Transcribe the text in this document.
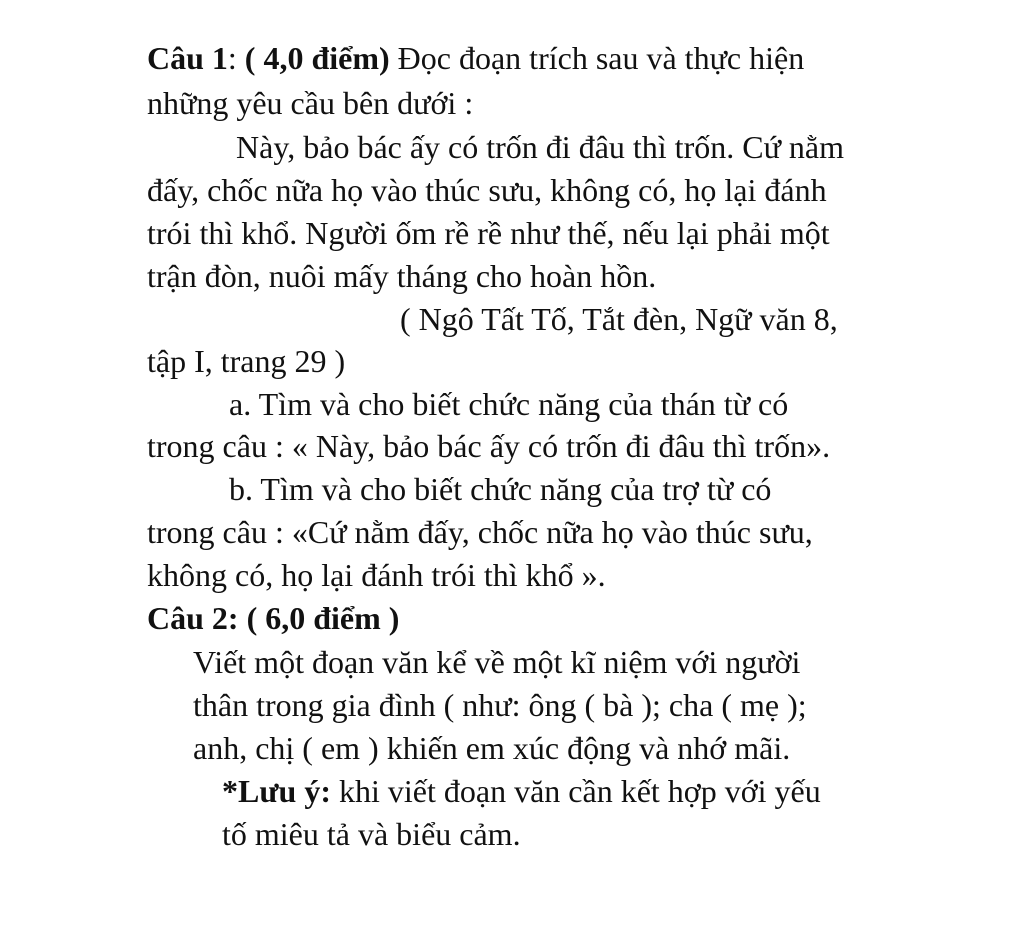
Câu 1: ( 4,0 điểm) Đọc đoạn trích sau và thực hiện
những yêu cầu bên dưới :
Này, bảo bác ấy có trốn đi đâu thì trốn. Cứ nằm
đấy, chốc nữa họ vào thúc sưu, không có, họ lại đánh
trói thì khổ. Người ốm rề rề như thế, nếu lại phải một
trận đòn, nuôi mấy tháng cho hoàn hồn.
( Ngô Tất Tố, Tắt đèn, Ngữ văn 8,
tập I, trang 29 )
a. Tìm và cho biết chức năng của thán từ có
trong câu : « Này, bảo bác ấy có trốn đi đâu thì trốn».
b. Tìm và cho biết chức năng của trợ từ có
trong câu : «Cứ nằm đấy, chốc nữa họ vào thúc sưu,
không có, họ lại đánh trói thì khổ ».
Câu 2: ( 6,0 điểm )
Viết một đoạn văn kể về một kĩ niệm với người
thân trong gia đình ( như: ông ( bà ); cha ( mẹ );
anh, chị ( em ) khiến em xúc động và nhớ mãi.
*Lưu ý: khi viết đoạn văn cần kết hợp với yếu
tố miêu tả và biểu cảm.
